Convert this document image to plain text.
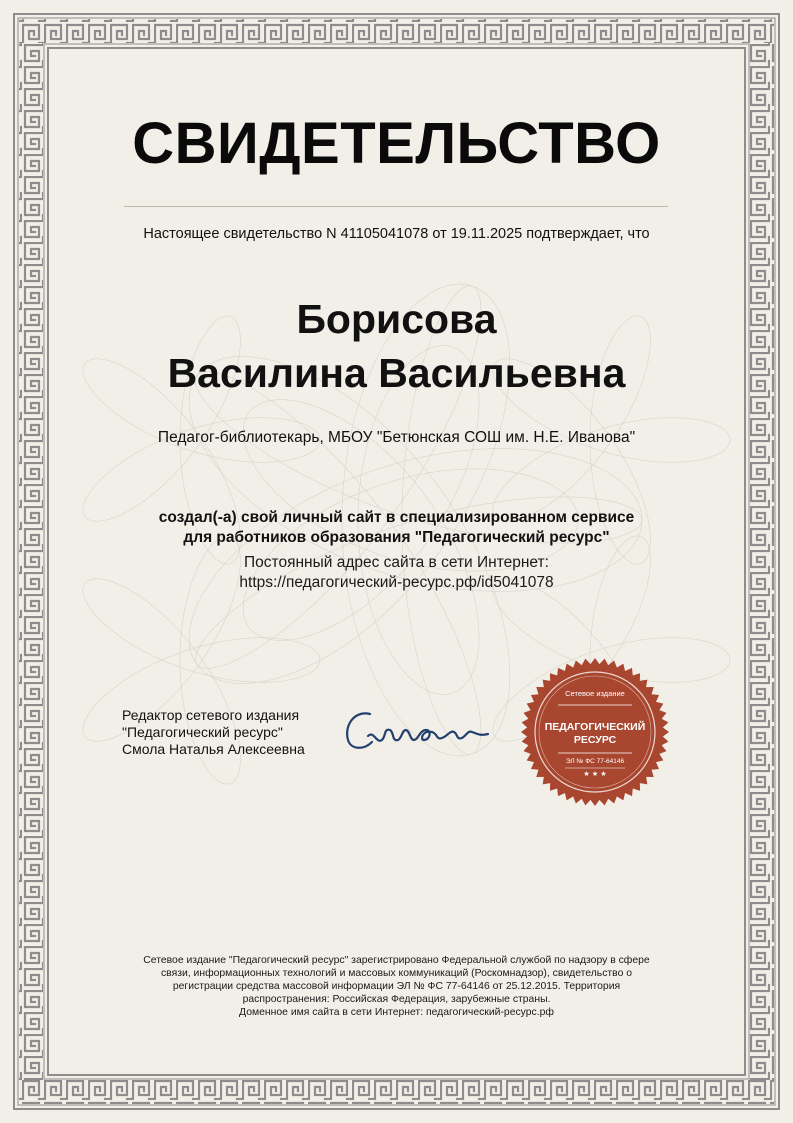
СВИДЕТЕЛЬСТВО
Настоящее свидетельство N 41105041078 от 19.11.2025 подтверждает, что
Борисова
Василина Васильевна
Педагог-библиотекарь, МБОУ "Бетюнская СОШ им. Н.Е. Иванова"
создал(-а) свой личный сайт в специализированном сервисе
для работников образования "Педагогический ресурс"
Постоянный адрес сайта в сети Интернет:
https://педагогический-ресурс.рф/id5041078
Редактор сетевого издания
"Педагогический ресурс"
Смола Наталья Алексеевна
Сетевое издание
ПЕДАГОГИЧЕСКИЙ
РЕСУРС
ЭЛ № ФС 77-64146
★ ★ ★
Сетевое издание "Педагогический ресурс" зарегистрировано Федеральной службой по надзору в сфере
связи, информационных технологий и массовых коммуникаций (Роскомнадзор), свидетельство о
регистрации средства массовой информации ЭЛ № ФС 77-64146 от 25.12.2015. Территория
распространения: Российская Федерация, зарубежные страны.
Доменное имя сайта в сети Интернет: педагогический-ресурс.рф
